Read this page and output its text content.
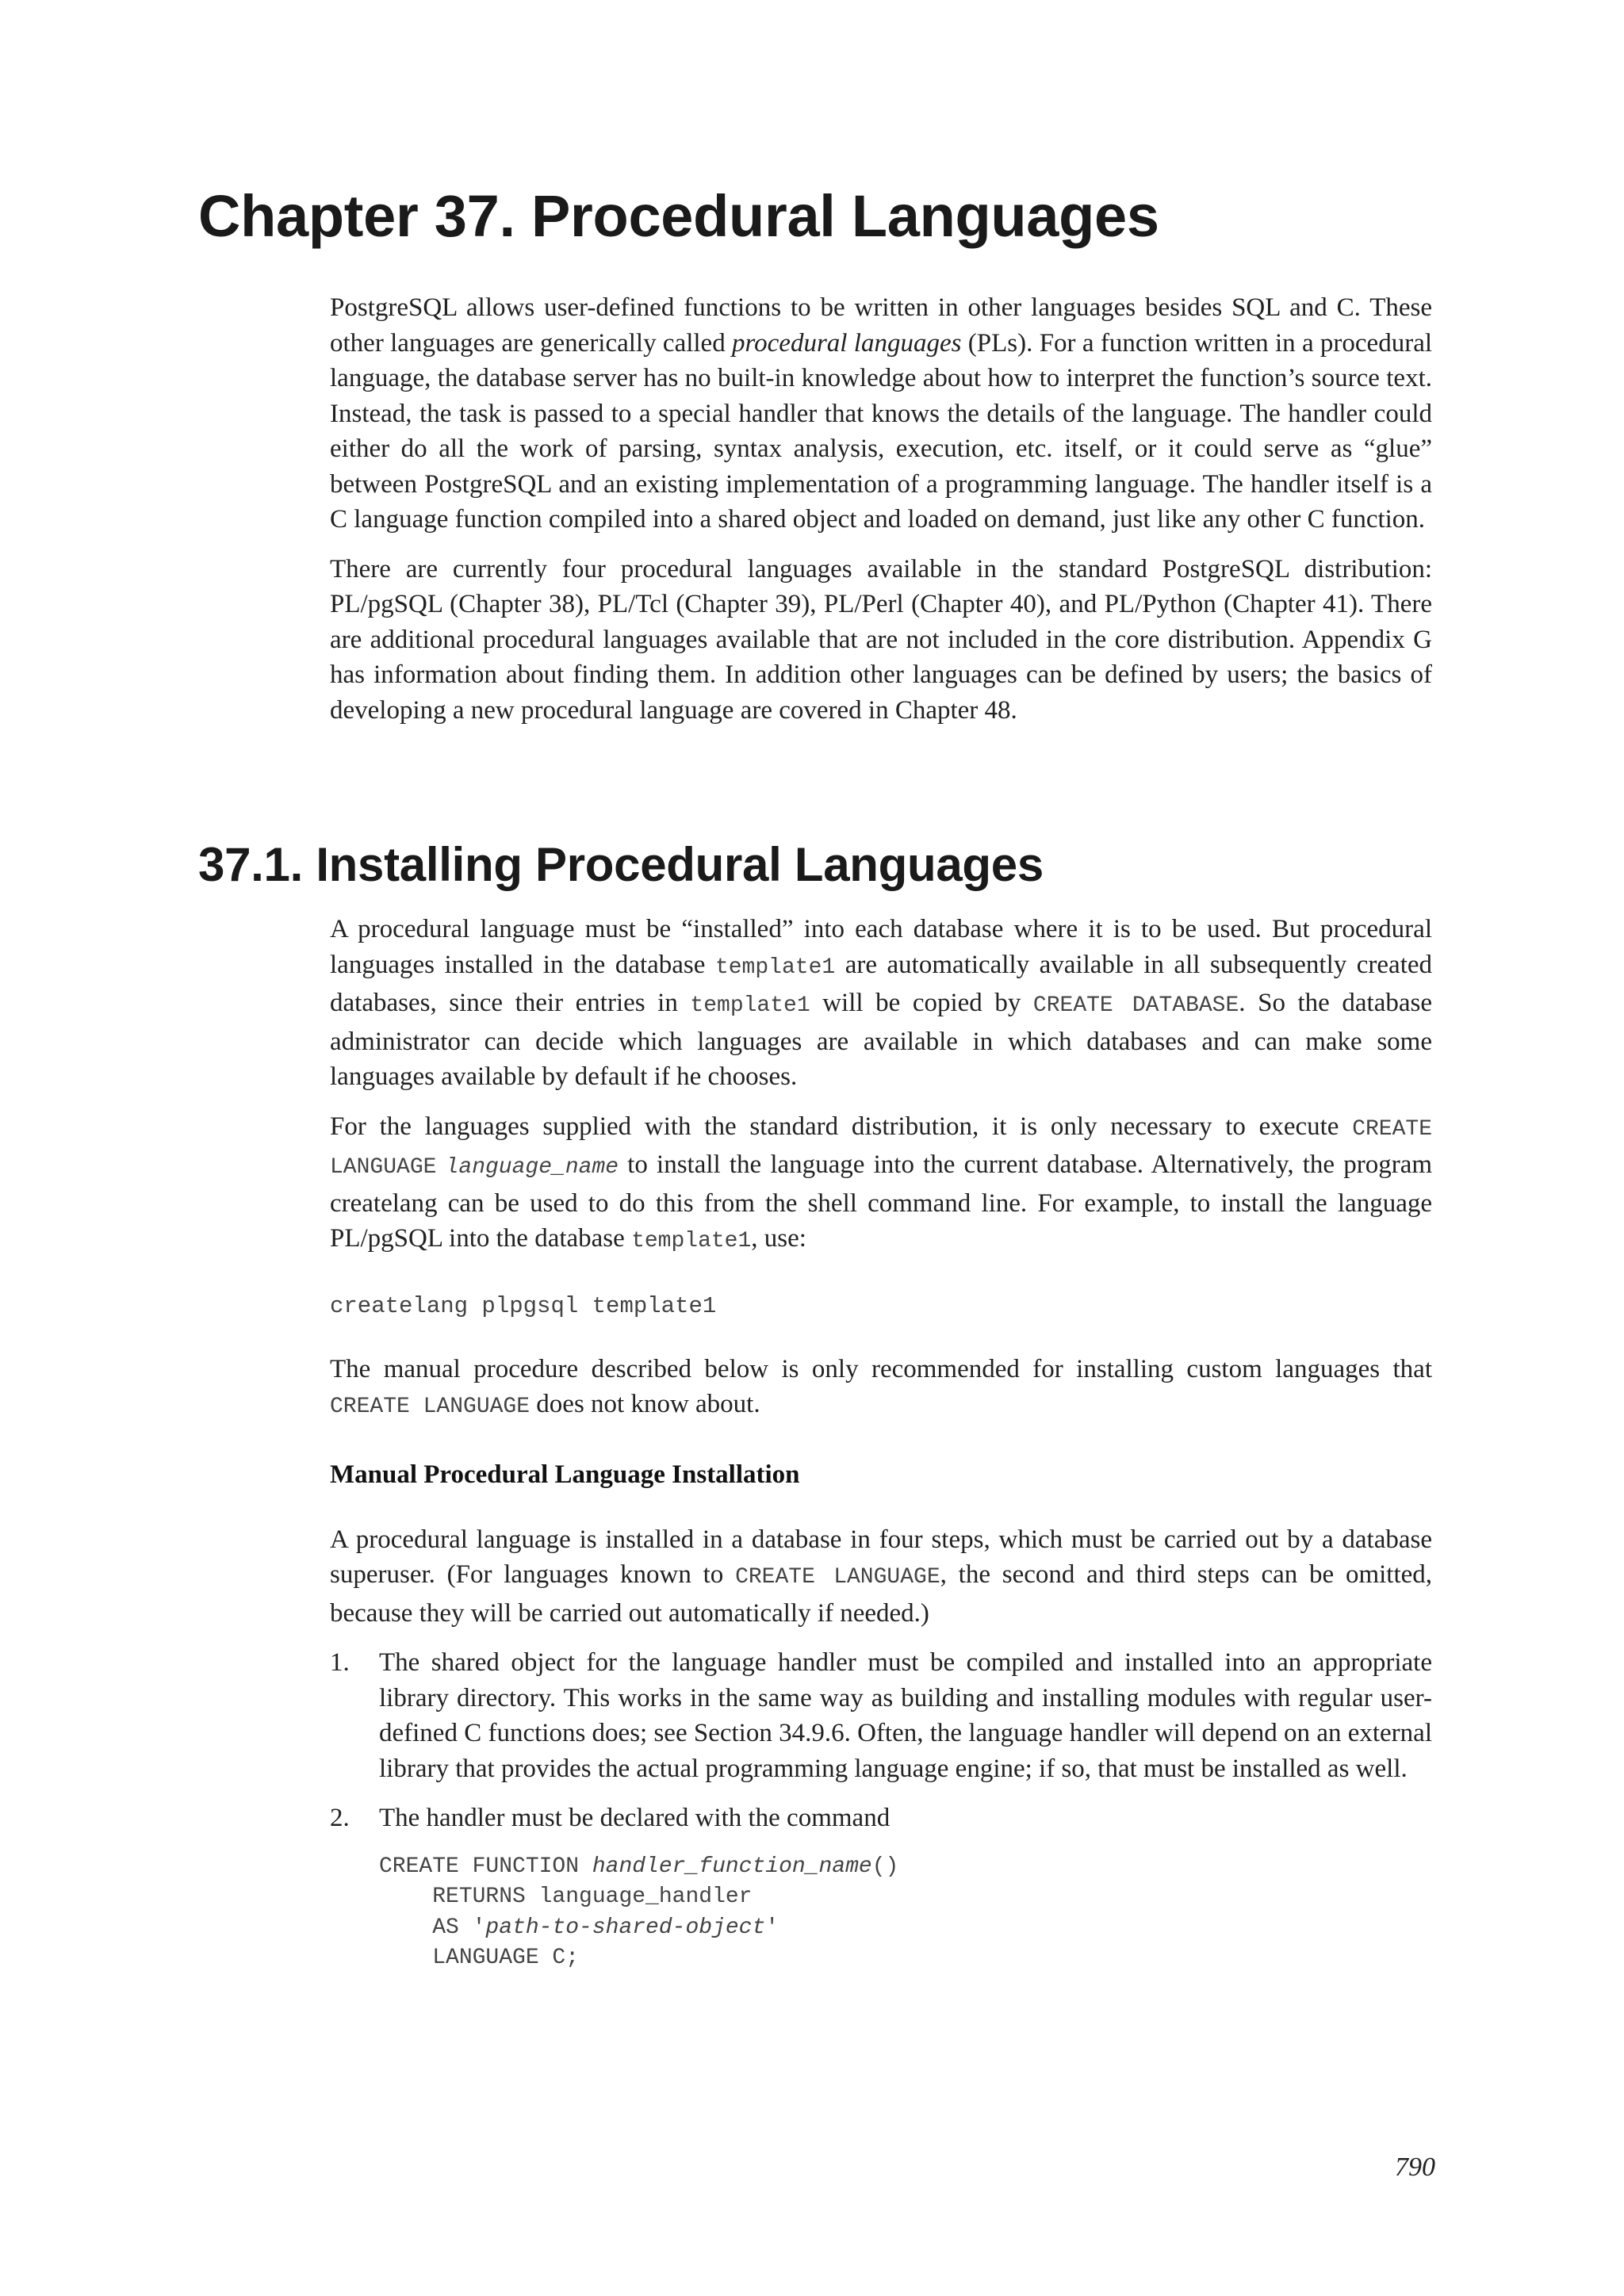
Chapter 37. Procedural Languages

PostgreSQL allows user-defined functions to be written in other languages besides SQL and C. These other languages are generically called procedural languages (PLs). For a function written in a procedural language, the database server has no built-in knowledge about how to interpret the function’s source text. Instead, the task is passed to a special handler that knows the details of the language. The handler could either do all the work of parsing, syntax analysis, execution, etc. itself, or it could serve as “glue” between PostgreSQL and an existing implementation of a programming language. The handler itself is a C language function compiled into a shared object and loaded on demand, just like any other C function.

There are currently four procedural languages available in the standard PostgreSQL distribution: PL/pgSQL (Chapter 38), PL/Tcl (Chapter 39), PL/Perl (Chapter 40), and PL/Python (Chapter 41). There are additional procedural languages available that are not included in the core distribution. Appendix G has information about finding them. In addition other languages can be defined by users; the basics of developing a new procedural language are covered in Chapter 48.

37.1. Installing Procedural Languages

A procedural language must be “installed” into each database where it is to be used. But procedural languages installed in the database template1 are automatically available in all subsequently created databases, since their entries in template1 will be copied by CREATE DATABASE. So the database administrator can decide which languages are available in which databases and can make some languages available by default if he chooses.

For the languages supplied with the standard distribution, it is only necessary to execute CREATE LANGUAGE language_name to install the language into the current database. Alternatively, the program createlang can be used to do this from the shell command line. For example, to install the language PL/pgSQL into the database template1, use:

createlang plpgsql template1

The manual procedure described below is only recommended for installing custom languages that CREATE LANGUAGE does not know about.

Manual Procedural Language Installation

A procedural language is installed in a database in four steps, which must be carried out by a database superuser. (For languages known to CREATE LANGUAGE, the second and third steps can be omitted, because they will be carried out automatically if needed.)

1. The shared object for the language handler must be compiled and installed into an appropriate library directory. This works in the same way as building and installing modules with regular user-defined C functions does; see Section 34.9.6. Often, the language handler will depend on an external library that provides the actual programming language engine; if so, that must be installed as well.
2. The handler must be declared with the command
CREATE FUNCTION handler_function_name()
RETURNS language_handler
AS 'path-to-shared-object'
LANGUAGE C;
790
